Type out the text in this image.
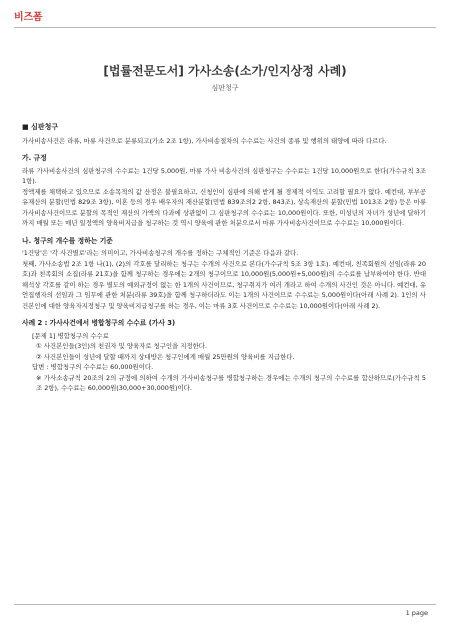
비즈폼
[법률전문도서] 가사소송(소가/인지상정 사례)
심판청구
■ 심판청구

가사비송사건은 라류, 마류 사건으로 분류되고(가소 2조 1항), 가사비송절차의 수수료는 사건의 종류 및 행위의 태양에 따라 다르다.

가. 규정

라류 가사비송사건의 심판청구의 수수료는 1건당 5,000원, 마류 가사 비송사건의 심판청구는 수수료는 1건당 10,000원으로 한다(가수규칙 3조 1항).

정액제를 채택하고 있으므로 소송목적의 값 산정은 불필요하고, 신청인이 심판에 의해 받게 될 경제적 이익도 고려할 필요가 없다. 예컨대, 부부공유재산의 분할(민법 829조 3항), 이혼 등의 경우 배우자의 재산분할(민법 839조의2 2항, 843조), 상속재산의 분할(민법 1013조 2항) 등은 마류 가사비송사건이므로 분할의 목적인 재산의 가액의 다과에 상관없이 그 심판청구의 수수료는 10,000원이다. 또한, 미성년의 자녀가 성년에 달하기까지 매월 또는 매년 일정액의 양육비지급을 청구하는 것 역시 양육에 관한 처분으로서 마류 가사비송사건이므로 수수료는 10,000원이다.

나. 청구의 개수를 정하는 기준

'1건당'은 '각 사건별로'라는 의미이고, 가사비송청구의 개수를 정하는 구체적인 기준은 다음과 같다.

첫째, 가사소송법 2조 1항 나(1), (2)의 각호를 달리하는 청구는 수개의 사건으로 본다(가수규칙 5조 3항 1호). 예컨대, 친족회원의 선임(라류 20호)과 친족회의 소집(라류 21호)을 함께 청구하는 경우에는 2개의 청구이므로 10,000원(5,000원+5,000원)의 수수료를 납부하여야 한다. 반대해석상 각호를 같이 하는 경우 별도의 예외규정이 없는 한 1개의 사건이므로, 청구취지가 여러 개라고 하여 수개의 사건인 것은 아니다. 예컨대, 유언집행자의 선임과 그 임무에 관한 처분(라류 39호)을 함께 청구하더라도 이는 1개의 사건이므로 수수료는 5,000원이다(아래 사례 2). 1인의 사건본인에 대한 양육자지정청구 및 양육비지급청구를 하는 경우, 이는 마류 3호 사건이므로 수수료는 10,000원이다(아래 사례 2).

사례 2 : 가사사건에서 병합청구의 수수료 (가사 3)

[문제 1] 병합청구의 수수료

① 사건본인들(3인)의 친권자 및 양육자로 청구인을 지정한다.

② 사건본인들이 성년에 달할 때까지 상대방은 청구인에게 매월 25만원의 양육비를 지급한다.

답변 : 병합청구의 수수료는 60,000원이다.

※ 가사소송규칙 20조의 2의 규정에 의하여 수개의 가사비송청구를 병합청구하는 경우에는 수개의 청구의 수수료를 합산하므로(가수규칙 5조 2항), 수수료는 60,000원(30,000+30,000원)이다.

1 page
